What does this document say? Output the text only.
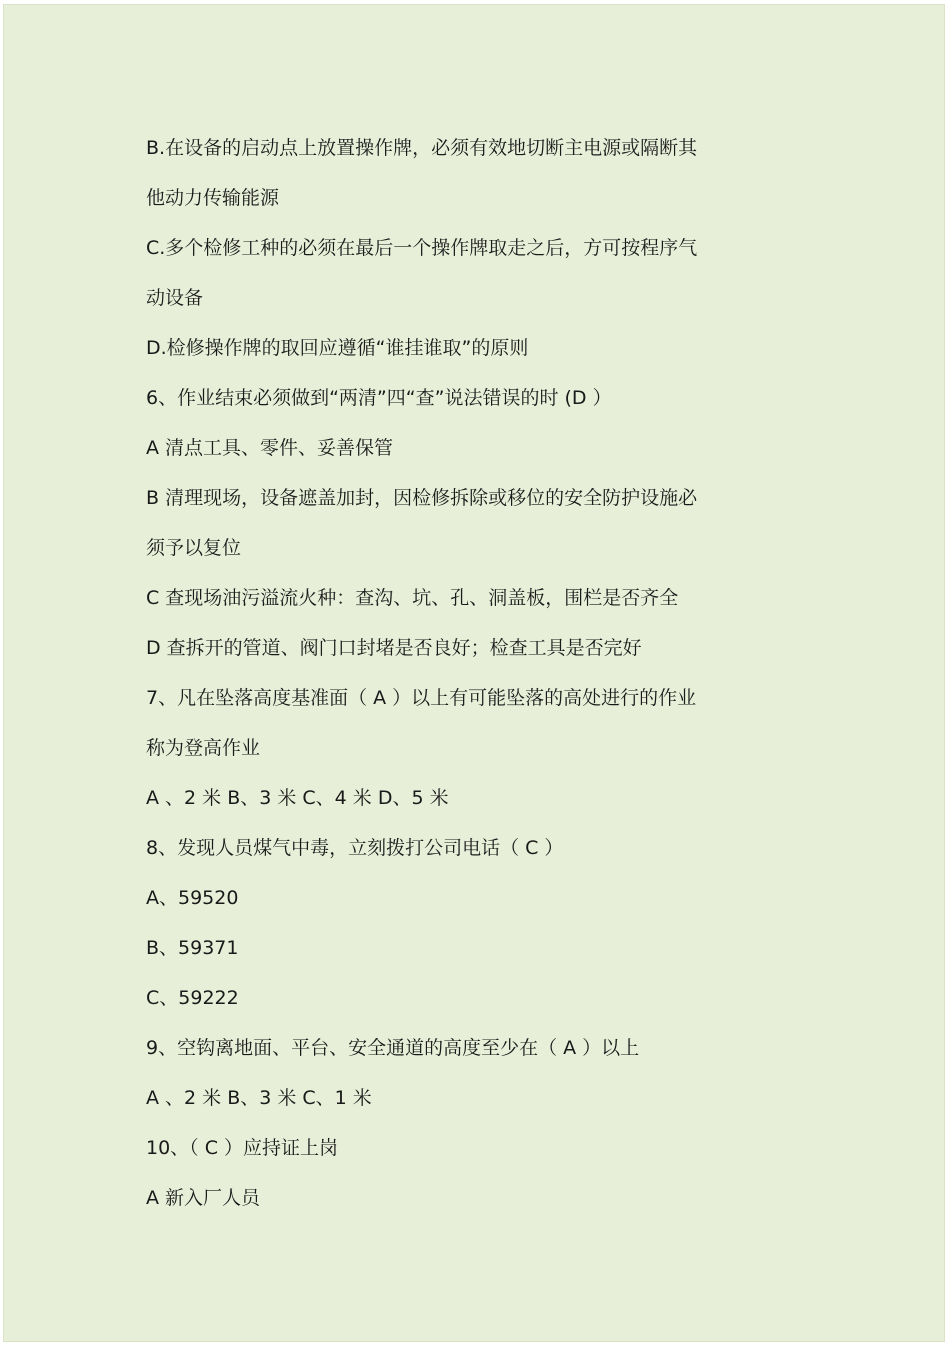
B.在设备的启动点上放置操作牌，必须有效地切断主电源或隔断其
他动力传输能源
C.多个检修工种的必须在最后一个操作牌取走之后，方可按程序气
动设备
D.检修操作牌的取回应遵循“谁挂谁取”的原则
6、作业结束必须做到“两清”四“查”说法错误的时 (D ）
A 清点工具、零件、妥善保管
B 清理现场，设备遮盖加封，因检修拆除或移位的安全防护设施必
须予以复位
C 查现场油污溢流火种：查沟、坑、孔、洞盖板，围栏是否齐全
D 查拆开的管道、阀门口封堵是否良好；检查工具是否完好
7、凡在坠落高度基准面（ A ）以上有可能坠落的高处进行的作业
称为登高作业
A 、2 米 B、3 米 C、4 米 D、5 米
8、发现人员煤气中毒，立刻拨打公司电话（ C ）
A、59520
B、59371
C、59222
9、空钩离地面、平台、安全通道的高度至少在（ A ）以上
A 、2 米 B、3 米 C、1 米
10、（ C ）应持证上岗
A 新入厂人员
